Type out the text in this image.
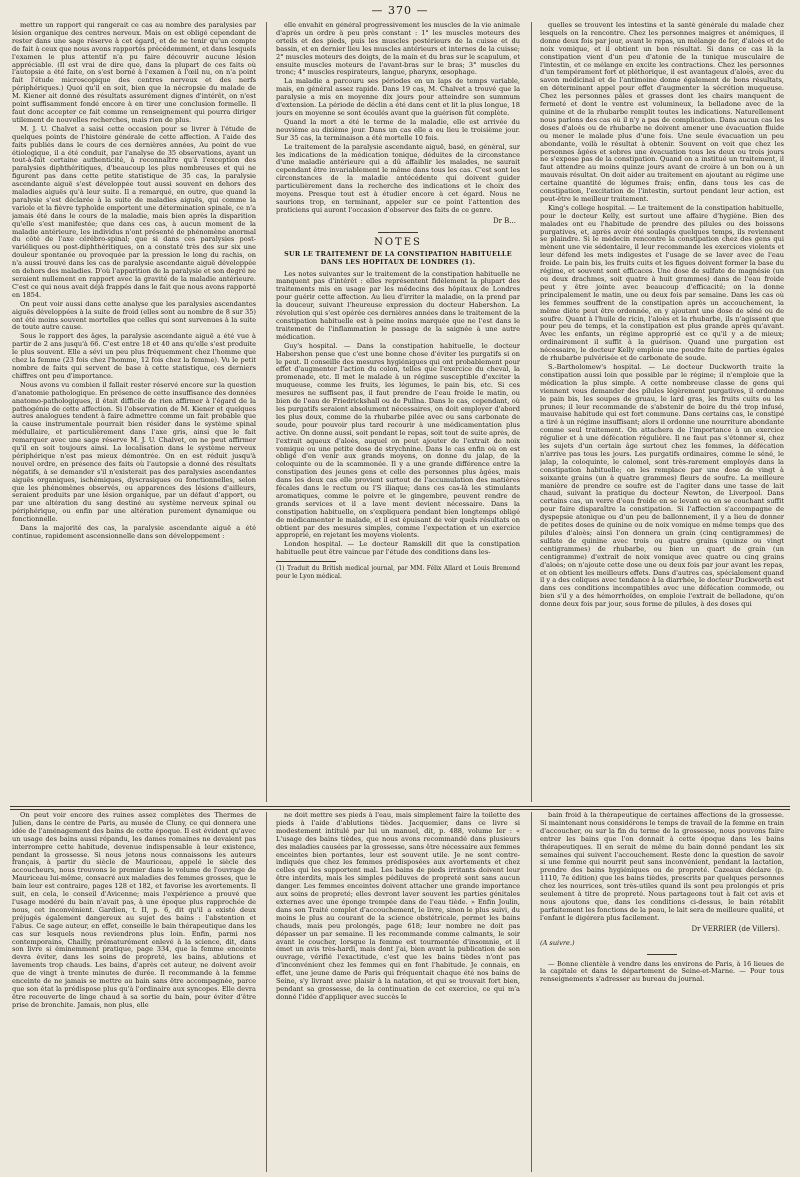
— 370 —

mettre un rapport qui rangerait ce cas au nombre des paralysies par lésion organique des centres nerveux. Mais on est obligé cependant de rester dans une sage réserve à cet égard, et de ne tenir qu'un compte de fait à ceux que nous avons rapportés précédemment, et dans lesquels l'examen le plus attentif n'a pu faire découvrir aucune lésion appréciable. (Il est vrai de dire que, dans la plupart de ces faits où l'autopsie a été faite, on s'est borné à l'examen à l'œil nu, on n'a point fait l'étude microscopique des centres nerveux et des nerfs périphériques.) Quoi qu'il en soit, bien que la nécropsie du malade de M. Kiener ait donné des résultats assurément dignes d'intérêt, on n'est point suffisamment fondé encore à en tirer une conclusion formelle. Il faut donc accepter ce fait comme un renseignement qui pourra diriger utilement de nouvelles recherches, mais rien de plus.

M. J. U. Chalvet a saisi cette occasion pour se livrer à l'étude de quelques points de l'histoire générale de cette affection. A l'aide des faits publiés dans le cours de ces dernières années, Au point de vue étiologique, il a été conduit, par l'analyse de 35 observations, ayant un tout-à-fait certaine authenticité, à reconnaître qu'à l'exception des paralysies diphthéritiques, d'beaucoup les plus nombreuses et qui ne figurent pas dans cette petite statistique de 35 cas, la paralysie ascendante aiguë s'est développée tout aussi souvent en dehors des maladies aiguës qu'à leur suite. Il a remarqué, en outre, que quand la paralysie s'est déclarée à la suite de maladies aiguës, qui comme la variole et la fièvre typhoïde emportent une détermination spinale, ce n'a jamais été dans le cours de la maladie, mais bien après la disparition qu'elle s'est manifestée; que dans ces cas, à aucun moment de la maladie antérieure, les individus n'ont présenté de phénomène anormal du côté de l'axe cérébro-spinal; que si dans ces paralysies post-variéliques ou post-diphthéritiques, on a constaté très des sur six une douleur spontanée ou provoquée par la pression le long du rachis, on n'a aussi trouvé dans les cas de paralysie ascendante aiguë développée en dehors des maladies. D'où l'apparition de la paralysie et son degré ne seraient nullement en rapport avec la gravité de la maladie antérieure. C'est ce qui nous avait déjà frappés dans le fait que nous avons rapporté en 1854.

On peut voir aussi dans cette analyse que les paralysies ascendantes aiguës développées à la suite de froid (elles sont au nombre de 8 sur 35) ont été moins souvent mortelles que celles qui sont survenues à la suite de toute autre cause.

Sous le rapport des âges, la paralysie ascendante aiguë a été vue à partir de 2 ans jusqu'à 66. C'est entre 18 et 40 ans qu'elle s'est produite le plus souvent. Elle a sévi un peu plus fréquemment chez l'homme que chez la femme (23 fois chez l'homme, 12 fois chez la femme). Vu le petit nombre de faits qui servent de base à cette statistique, ces derniers chiffres ont peu d'importance.

Nous avons vu combien il fallait rester réservé encore sur la question d'anatomie pathologique. En présence de cette insuffisance des données anatomo-pathologiques, il était difficile de rien affirmer à l'égard de la pathogénie de cette affection. Si l'observation de M. Kiener et quelques autres analogues tendent à faire admettre comme un fait probable que la cause instrumentale pourrait bien résider dans le système spinal médullaire, et particulièrement dans l'axe gris, ainsi que le fait remarquer avec une sage réserve M. J. U. Chalvet, on ne peut affirmer qu'il en soit toujours ainsi. La localisation dans le système nerveux périphérique n'est pas mieux démontrée. On en est réduit jusqu'à nouvel ordre, en présence des faits où l'autopsie a donné des résultats négatifs, à se demander s'il n'existerait pas des paralysies ascendantes aiguës organiques, ischémiques, dyscrasiques ou fonctionnelles, selon que les phénomènes observés, ou apparences des lésions d'ailleurs, seraient produits par une lésion organique, par un défaut d'apport, ou par une altération du sang destiné au système nerveux spinal ou périphérique, ou enfin par une altération purement dynamique ou fonctionnelle.

Dans la majorité des cas, la paralysie ascendante aiguë a été continue, rapidement ascensionnelle dans son développement :

elle envahit en général progressivement les muscles de la vie animale d'après un ordre à peu près constant : 1° les muscles moteurs des orteils et des pieds, puis les muscles postérieurs de la cuisse et du bassin, et en dernier lieu les muscles antérieurs et internes de la cuisse; 2° muscles moteurs des doigts, de la main et du bras sur le scapulum, et ensuite muscles moteurs de l'avant-bras sur le bras; 3° muscles du tronc; 4° muscles respirateurs, langue, pharynx, œsophage.

La maladie a parcouru ses périodes en un laps de temps variable, mais, en général assez rapide. Dans 19 cas, M. Chalvet a trouvé que la paralysie a mis en moyenne dix jours pour atteindre son summum d'extension. La période de déclin a été dans cent et lit la plus longue, 18 jours en moyenne se sont écoulés avant que la guérison fût complète.

Quand la mort a été le terme de la maladie, elle est arrivée du neuvième au dixième jour. Dans un cas elle a eu lieu le troisième jour. Sur 35 cas, la terminaison a été mortelle 10 fois.

Le traitement de la paralysie ascendante aiguë, basé, en général, sur les indications de la médication tonique, déduites de la circonstance d'une maladie antérieure qui a dû affaiblir les malades, ne saurait cependant être invariablement le même dans tous les cas. C'est sont les circonstances de la maladie antécédente qui doivent guider particulièrement dans la recherche des indications et le choix des moyens. Presque tout est à étudier encore à cet égard. Nous ne saurions trop, en terminant, appeler sur ce point l'attention des praticiens qui auront l'occasion d'observer des faits de ce genre.

Dr B...
NOTES
SUR LE TRAITEMENT DE LA CONSTIPATION HABITUELLE DANS LES HOPITAUX DE LONDRES (1).

Les notes suivantes sur le traitement de la constipation habituelle ne manquent pas d'intérêt : elles représentent fidèlement la plupart des traitements mis en usage par les médecins des hôpitaux de Londres pour guérir cette affection. Au lieu d'irriter la maladie, on la prend par la douceur, suivant l'heureuse expression du docteur Habershon. La révolution qui s'est opérée ces dernières années dans le traitement de la constipation habituelle est à peine moins marquée que ne l'est dans le traitement de l'inflammation le passage de la saignée à une autre médication.

Guy's hospital. — Dans la constipation habituelle, le docteur Habershon pense que c'est une bonne chose d'éviter les purgatifs si on le peut. Il conseille des mesures hygiéniques qui ont probablement pour effet d'augmenter l'action du colon, telles que l'exercice du cheval, la promenade, etc. Il met le malade à un régime susceptible d'exciter la muqueuse, comme les fruits, les légumes, le pain bis, etc. Si ces mesures ne suffisent pas, il faut prendre de l'eau froide le matin, ou bien de l'eau de Friedrickshall ou de Pullna. Dans le cas, cependant, où les purgatifs seraient absolument nécessaires, on doit employer d'abord les plus doux, comme de la rhubarbe pilée avec ou sans carbonate de soude, pour pouvoir plus tard recourir à une médicamentation plus active. On donne aussi, soit pendant le repas, soit tout de suite après, de l'extrait aqueux d'aloès, auquel on peut ajouter de l'extrait de noix vomique ou une petite dose de strychnine. Dans le cas enfin où on est obligé d'en venir aux grands moyens, on donne du jalap, de la coloquinte ou de la scammonée. Il y a une grande différence entre la constipation des jeunes gens et celle des personnes plus âgées, mais dans les deux cas elle provient surtout de l'accumulation des matières fécales dans le rectum ou l'S iliaque; dans ces cas-là les stimulants aromatiques, comme le poivre et le gingembre, peuvent rendre de grands services et il a lave ment devient nécessaire. Dans la constipation habituelle, on s'expliquera pendant bien longtemps obligé de médicamenter le malade, et il est épuisant de voir quels résultats on obtient par des mesures simples, comme l'expectation et un exercice approprié, en rejetant les moyens violents.

London hospital. — Le docteur Ramskill dit que la constipation habituelle peut être vaincue par l'étude des conditions dans les-

(1) Traduit du British medical journal, par MM. Félix Allard et Louis Bremond pour le Lyon médical.

quelles se trouvent les intestins et la santé générale du malade chez lesquels on la rencontre. Chez les personnes maigres et anémiques, il donne deux fois par jour, avant le repas, un mélange de fer, d'aloès et de noix vomique, et il obtient un bon résultat. Si dans ce cas là la constipation vient d'un peu d'atonie de la tunique musculaire de l'intestin, et ce mélange en excite les contractions. Chez les personnes d'un tempérament fort et pléthorique, il est avantageux d'aloès, avec du savon médicinal et de l'antimoine donne également de bons résultats, en déterminant appel pour effet d'augmenter la sécrétion muqueuse. Chez les personnes pâles et grasses dont les chairs manquent de fermeté et dont le ventre est volumineux, la belladone avec de la quinine et de la rhubarbe remplit toutes les indications. Naturellement nous parlons des cas où il n'y a pas de complication. Dans aucun cas les doses d'aloès ou de rhubarbe ne doivent amener une évacuation fluide ou mener le malade plus d'une fois. Une seule évacuation un peu abondante, voilà le résultat à obtenir. Souvent on voit que chez les personnes âgées et sobres une évacuation tous les deux ou trois jours ne s'expose pas de la constipation. Quand on a institué un traitement, il faut attendre au moins quinze jours avant de croire à un bon ou à un mauvais résultat. On doit aider au traitement en ajoutant au régime une certaine quantité de légumes frais; enfin, dans tous les cas de constipation, l'excitation de l'intestin, surtout pendant leur action, est peut-être le meilleur traitement.

King's college hospital. — Le traitement de la constipation habituelle, pour le docteur Kelly, est surtout une affaire d'hygiène. Bien des malades ont eu l'habitude de prendre des pilules ou des boissons purgatives, et, après avoir été soulagés quelques temps, ils reviennent se plaindre. Si le médecin rencontre la constipation chez des gens qui mènent une vie sédentaire, il leur recommande les exercices violents et leur défend les mets indigestes et l'usage de se laver avec de l'eau froide. Le pain bis, les fruits cuits et les figues doivent former la base du régime, et souvent sont efficaces. Une dose de sulfate de magnésie (un ou deux drachmes, soit quatre à huit grammes) dans de l'eau froide peut y être jointe avec beaucoup d'efficacité; on la donne principalement le matin, une ou deux fois par semaine. Dans les cas où les femmes souffrent de la constipation après un accouchement, la même diète peut être ordonnée, en y ajoutant une dose de séné ou de soufre. Quant à l'huile de ricin, l'aloès et la rhubarbe, ils n'agissent que pour peu de temps, et la constipation est plus grande après qu'avant. Avec les enfants, un régime approprié est ce qu'il y a de mieux; ordinairement il suffit à la guérison. Quand une purgation est nécessaire, le docteur Kelly emploie une poudre faite de parties égales de rhubarbe pulvérisée et de carbonate de soude.

S.-Bartholomew's hospital. — Le docteur Duckworth traite la constipation aussi loin que possible par le régime; il n'emploie que la médication la plus simple. A cette nombreuse classe de gens qui viennent vous demander des pilules légèrement purgatives, il ordonne le pain bis, les soupes de gruau, le lard gras, les fruits cuits ou les prunes; il leur recommande de s'abstenir de boire du thé trop infusé, mauvaise habitude qui est fort commune. Dans certains cas, le constipé a tiré à un régime insuffisant; alors il ordonne une nourriture abondante comme seul traitement. On attachera de l'importance à un exercice régulier et à une défécation régulière. Il ne faut pas s'étonner si, chez les sujets d'un certain âge surtout chez les femmes, la défécation n'arrive pas tous les jours. Les purgatifs ordinaires, comme le séné, le jalap, la coloquinte, le calomel, sont très-rarement employés dans la constipation habituelle; on les remplace par une dose de vingt à soixante grains (un à quatre grammes) fleurs de soufre. La meilleure manière de prendre ce soufre est de l'agiter dans une tasse de lait chaud, suivant la pratique du docteur Newton, de Liverpool. Dans certains cas, un verre d'eau froide en se levant ou en se couchant suffit pour faire disparaître la constipation. Si l'affection s'accompagne de dyspepsie atonique ou d'un peu de ballonnement, il y a lieu de donner de petites doses de quinine ou de noix vomique en même temps que des pilules d'aloès; ainsi l'on donnera un grain (cinq centigrammes) de sulfate de quinine avec trois ou quatre grains (quinze ou vingt centigrammes) de rhubarbe, ou bien un quart de grain (un centigramme) d'extrait de noix vomique avec quatre ou cinq grains d'aloès; on n'ajoute cette dose une ou deux fois par jour avant les repas, et on obtient les meilleurs effets. Dans d'autres cas, spécialement quand il y a des coliques avec tendance à la diarrhée, le docteur Duckworth est dans ces conditions incompatibles avec une défécation commode, ou bien s'il y a des hémorrhoïdes, on emploie l'extrait de belladone, qu'on donne deux fois par jour, sous forme de pilules, à des doses qui

On peut voir encore des ruines assez complètes des Thermes de Julien, dans le centre de Paris, au musée de Cluny, ce qui donnera une idée de l'aménagement des bains de cette époque. Il est évident qu'avec un usage des bains aussi répandu, les dames romaines ne devaient pas interrompre cette habitude, devenue indispensable à leur existence, pendant la grossesse. Si nous jetons nous connaissons les auteurs français, à partir du siècle de Mauriceau, appelé le siècle des accoucheurs, nous trouvons le premier dans le volume de l'ouvrage de Mauriceau lui-même, consacré aux maladies des femmes grosses, que le bain leur est contraire, pages 128 et 182, et favorise les avortements. Il suit, en cela, le conseil d'Avicenne; mais l'expérience a prouvé que l'usage modéré du bain n'avait pas, à une époque plus rapprochée de nous, cet inconvénient. Gardien, t. II, p. 6, dit qu'il a existé deux préjugés également dangereux au sujet des bains : l'abstention et l'abus. Ce sage auteur, en effet, conseille le bain thérapeutique dans les cas sur lesquels nous reviendrons plus loin. Enfin, parmi nos contemporains, Chailly, prématurément enlevé à la science, dit, dans son livre si éminemment pratique, page 334, que la femme enceinte devra éviter, dans les soins de propreté, les bains, ablutions et lavements trop chauds. Les bains, d'après cet auteur, ne doivent avoir que de vingt à trente minutes de durée. Il recommande à la femme enceinte de ne jamais se mettre au bain sans être accompagnée, parce que son état la prédispose plus qu'à l'ordinaire aux syncopes. Elle devra être recouverte de linge chaud à sa sortie du bain, pour éviter d'être prise de bronchite. Jamais, non plus, elle

ne doit mettre ses pieds à l'eau, mais simplement faire la toilette des pieds à l'aide d'ablutions tièdes. Jacquemier, dans ce livre si modestement intitulé par lui un manuel, dit, p. 488, volume Ier : « L'usage des bains tièdes, que nous avons recommandé dans plusieurs des maladies causées par la grossesse, sans être nécessaire aux femmes enceintes bien portantes, leur est souvent utile. Je ne sont contre-indiqués que chez les femmes prédisposées aux avortements et chez celles qui les supportent mal. Les bains de pieds irritants doivent leur être interdits, mais les simples pédiluves de propreté sont sans aucun danger. Les femmes enceintes doivent attacher une grande importance aux soins de propreté; elles devront laver souvent les parties génitales externes avec une éponge trempée dans de l'eau tiède. » Enfin Joulin, dans son Traité complet d'accouchement, le livre, sinon le plus suivi, du moins le plus au courant de la science obstétricale, permet les bains chauds, mais peu prolongés, page 618; leur nombre ne doit pas dépasser un par semaine. Il les recommande comme calmants, le soir avant le coucher, lorsque la femme est tourmentée d'insomnie, et il émet un avis très-hardi, mais dont j'ai, bien avant la publication de son ouvrage, vérifié l'exactitude, c'est que les bains tièdes n'ont pas d'inconvénient chez les femmes qui en font l'habitude. Je connais, en effet, une jeune dame de Paris qui fréquentait chaque été nos bains de Seine, s'y livrant avec plaisir à la natation, et qui se trouvait fort bien, pendant sa grossesse, de la continuation de cet exercice, ce qui m'a donné l'idée d'appliquer avec succès le

bain froid à la thérapeutique de certaines affections de la grossesse. Si maintenant nous considérons le temps de travail de la femme en train d'accoucher, ou sur la fin du terme de la grossesse, nous pouvons faire entrer les bains que l'on donnait à cette époque dans les bains thérapeutiques. Il en serait de même du bain donné pendant les six semaines qui suivent l'accouchement. Reste donc la question de savoir si une femme qui nourrit peut sans inconvénient, pendant la lactation, prendre des bains hygiéniques ou de propreté. Cazeaux déclare (p. 1110, 7e édition) que les bains tièdes, prescrits par quelques personnes chez les nourrices, sont très-utiles quand ils sont peu prolongés et pris seulement à titre de propreté. Nous partageons tout à fait cet avis et nous ajoutons que, dans les conditions ci-dessus, le bain rétablit parfaitement les fonctions de la peau, le lait sera de meilleure qualité, et l'enfant le digérera plus facilement.

Dr VERRIER (de Villers).
(A suivre.)

— Bonne clientèle à vendre dans les environs de Paris, à 16 lieues de la capitale et dans le département de Seine-et-Marne. — Pour tous renseignements s'adresser au bureau du journal.
